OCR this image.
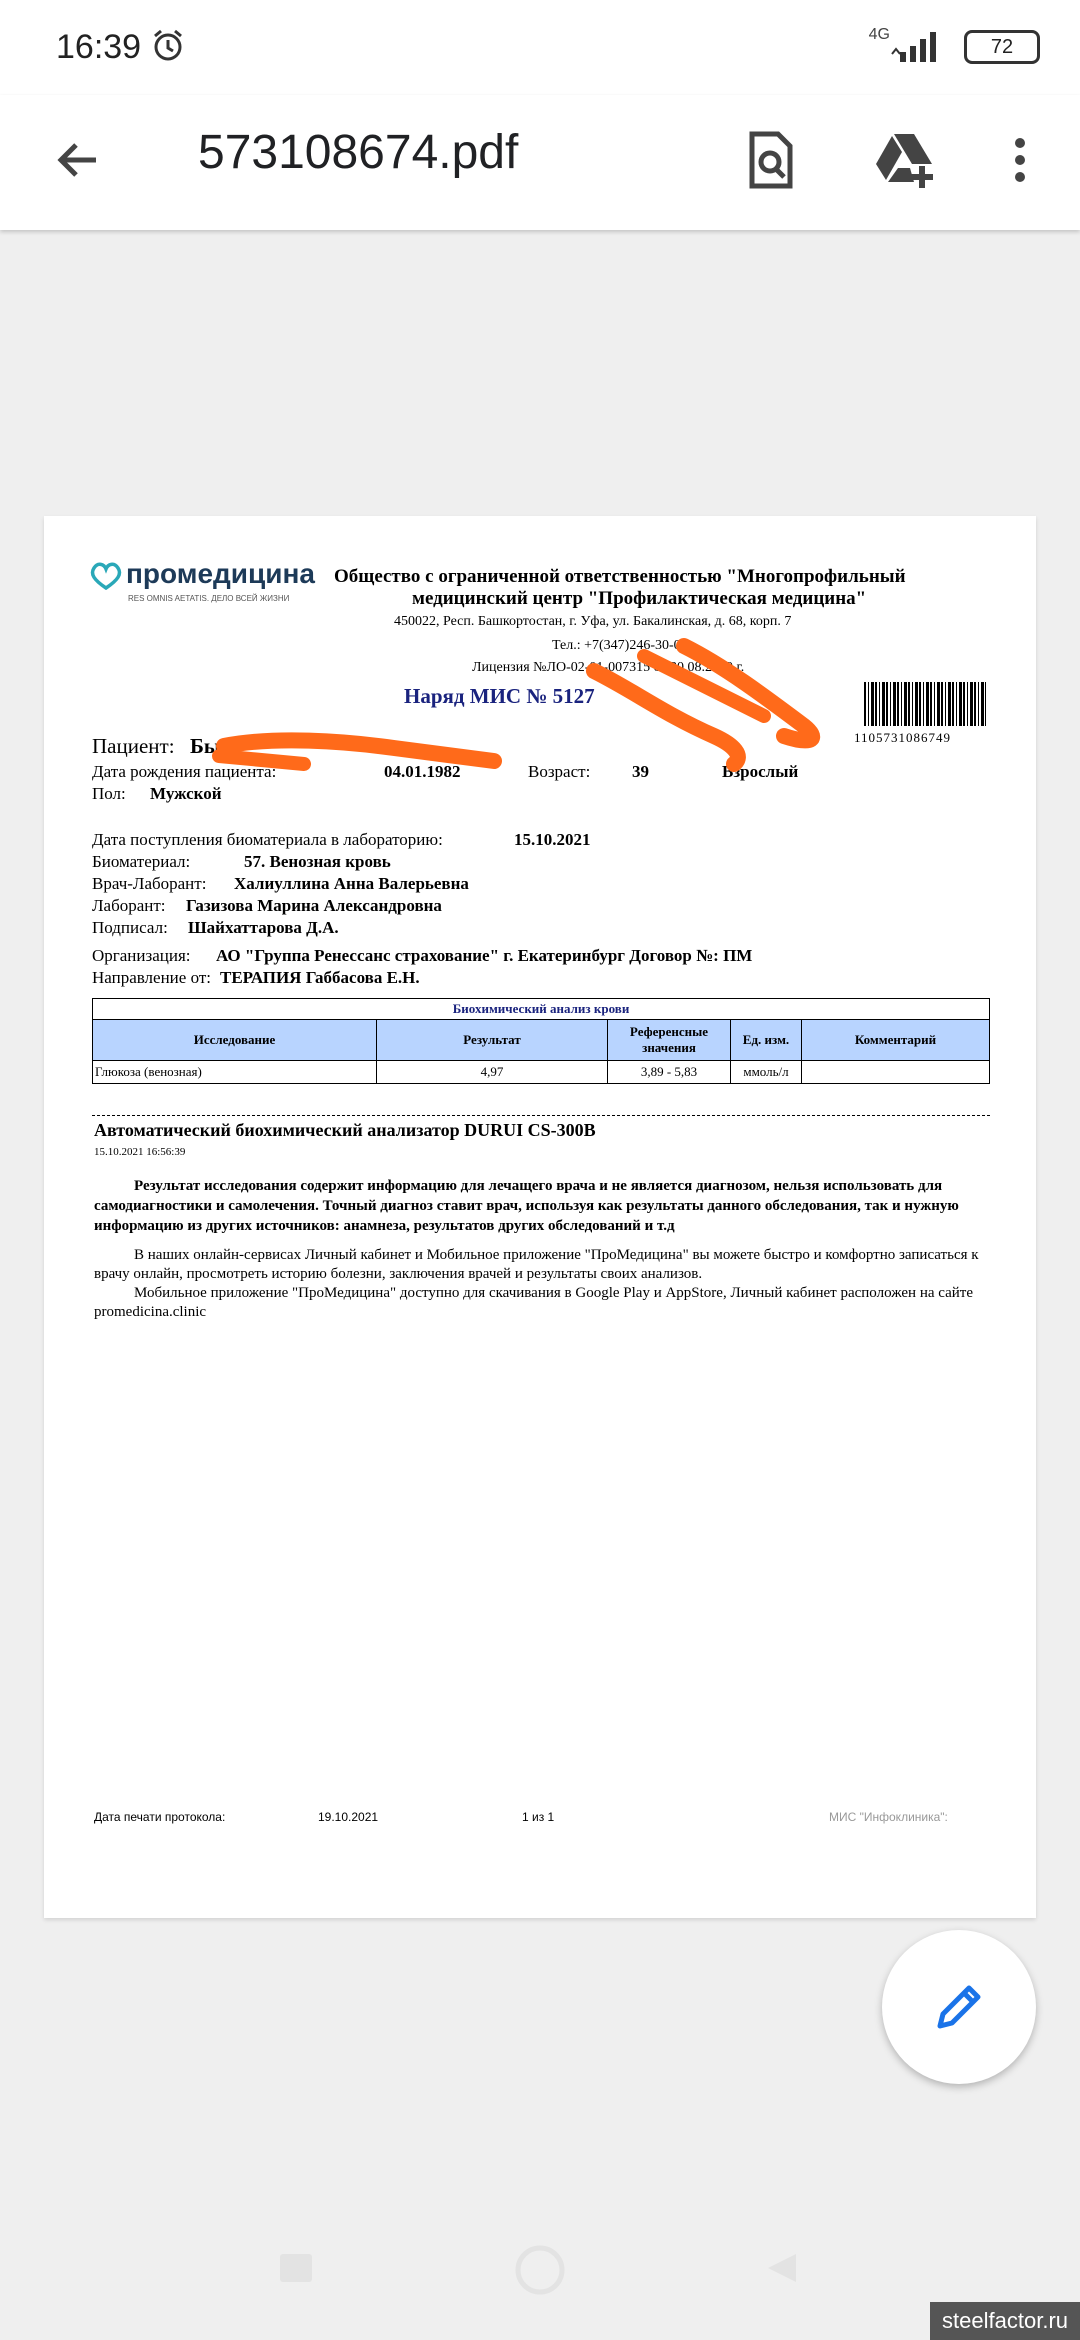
16:39	4G
72
573108674.pdf
промедицина
RES OMNIS AETATIS. ДЕЛО ВСЕЙ ЖИЗНИ
Общество с ограниченной ответственностью "Многопрофильный
медицинский центр "Профилактическая медицина"
450022, Респ. Башкортостан, г. Уфа, ул. Бакалинская, д. 68, корп. 7
Тел.: +7(347)246-30-03
Лицензия №ЛО-02-01-007315 от 30.08.2019 г.
Наряд МИС № 5127
1105731086749
Пациент: Бы
Дата рождения пациента:	04.01.1982	Возраст: 39	Взрослый
Пол: Мужской
Дата поступления биоматериала в лабораторию:	15.10.2021
Биоматериал:	57. Венозная кровь
Врач-Лаборант: Халиуллина Анна Валерьевна
Лаборант: Газизова Марина Александровна
Подписал: Шайхаттарова Д.А.
Организация: АО "Группа Ренессанс страхование" г. Екатеринбург Договор №: ПМ
Направление от: ТЕРАПИЯ Габбасова Е.Н.
Биохимический анализ крови				
Исследование	Результат	Референсные значения	Ед. изм.	Комментарий
Глюкоза (венозная)	4,97	3,89 - 5,83	ммоль/л	
Автоматический биохимический анализатор DURUI CS-300B
15.10.2021 16:56:39
Результат исследования содержит информацию для лечащего врача и не является диагнозом, нельзя использовать для самодиагностики и самолечения. Точный диагноз ставит врач, используя как результаты данного обследования, так и нужную информацию из других источников: анамнеза, результатов других обследований и т.д
В наших онлайн-сервисах Личный кабинет и Мобильное приложение "ПроМедицина" вы можете быстро и комфортно записаться к врачу онлайн, просмотреть историю болезни, заключения врачей и результаты своих анализов.
Мобильное приложение "ПроМедицина" доступно для скачивания в Google Play и AppStore, Личный кабинет расположен на сайте promedicina.clinic
Дата печати протокола:	19.10.2021	1 из 1	МИС "Инфоклиника":
steelfactor.ru
